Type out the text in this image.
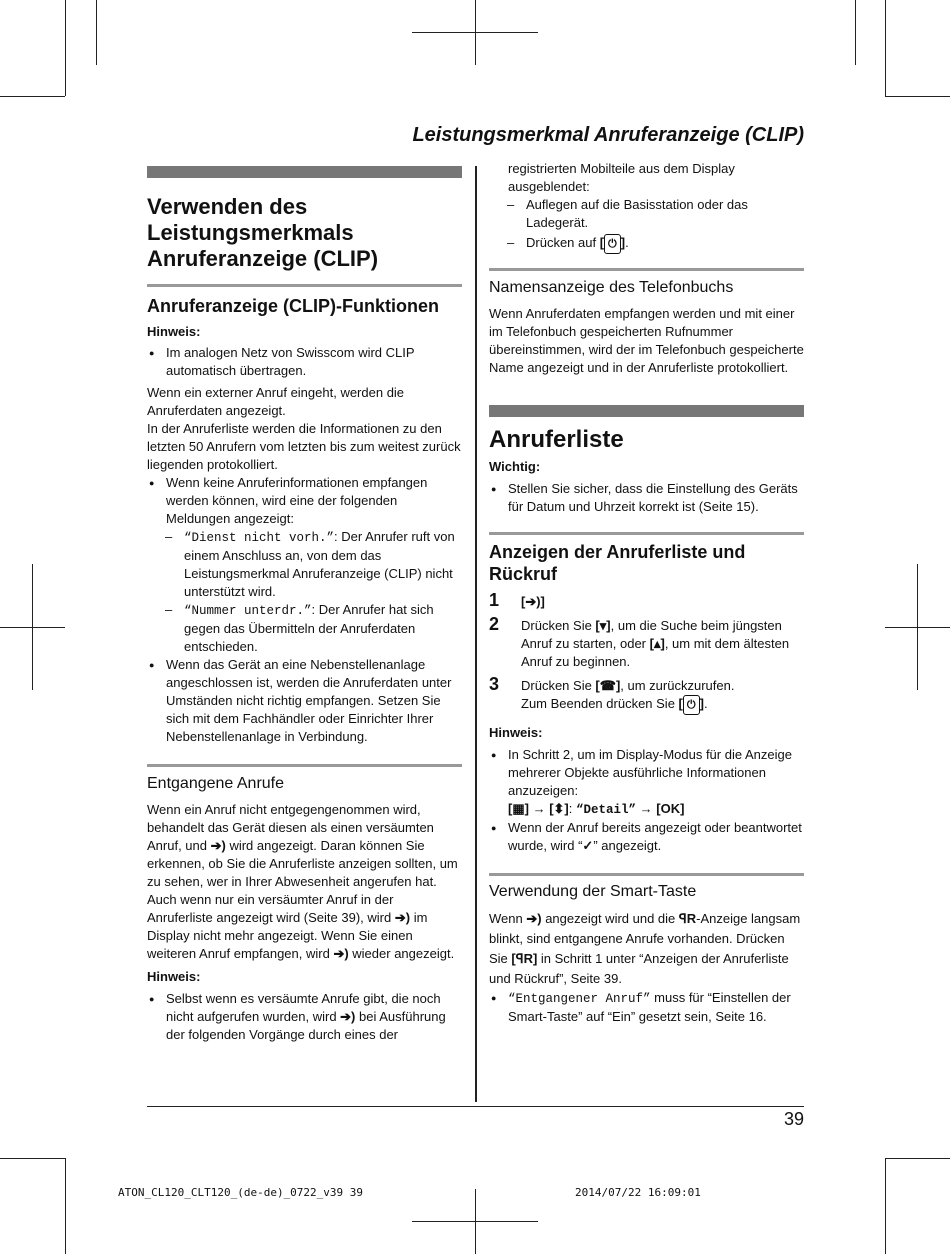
Leistungsmerkmal Anruferanzeige (CLIP)
Verwenden des Leistungsmerkmals Anruferanzeige (CLIP)
Anruferanzeige (CLIP)-Funktionen
Hinweis:
● Im analogen Netz von Swisscom wird CLIP automatisch übertragen.

Wenn ein externer Anruf eingeht, werden die Anruferdaten angezeigt.

In der Anruferliste werden die Informationen zu den letzten 50 Anrufern vom letzten bis zum weitest zurück liegenden protokolliert.

● Wenn keine Anruferinformationen empfangen werden können, wird eine der folgenden Meldungen angezeigt:
– “Dienst nicht vorh.”: Der Anrufer ruft von einem Anschluss an, von dem das Leistungsmerkmal Anruferanzeige (CLIP) nicht unterstützt wird.
– “Nummer unterdr.”: Der Anrufer hat sich gegen das Übermitteln der Anruferdaten entschieden.
● Wenn das Gerät an eine Nebenstellenanlage angeschlossen ist, werden die Anruferdaten unter Umständen nicht richtig empfangen. Setzen Sie sich mit dem Fachhändler oder Einrichter Ihrer Nebenstellenanlage in Verbindung.
Entgangene Anrufe

Wenn ein Anruf nicht entgegengenommen wird, behandelt das Gerät diesen als einen versäumten Anruf, und ➔) wird angezeigt. Daran können Sie erkennen, ob Sie die Anruferliste anzeigen sollten, um zu sehen, wer in Ihrer Abwesenheit angerufen hat.

Auch wenn nur ein versäumter Anruf in der Anruferliste angezeigt wird (Seite 39), wird ➔) im Display nicht mehr angezeigt. Wenn Sie einen weiteren Anruf empfangen, wird ➔) wieder angezeigt.

Hinweis:
● Selbst wenn es versäumte Anrufe gibt, die noch nicht aufgerufen wurden, wird ➔) bei Ausführung der folgenden Vorgänge durch eines der
● registrierten Mobilteile aus dem Display ausgeblendet:
– Auflegen auf die Basisstation oder das Ladegerät.
– Drücken auf [ ⏻ ].
Namensanzeige des Telefonbuchs

Wenn Anruferdaten empfangen werden und mit einer im Telefonbuch gespeicherten Rufnummer übereinstimmen, wird der im Telefonbuch gespeicherte Name angezeigt und in der Anruferliste protokolliert.

Anruferliste
Wichtig:
● Stellen Sie sicher, dass die Einstellung des Geräts für Datum und Uhrzeit korrekt ist (Seite 15).
Anzeigen der Anruferliste und Rückruf
1 [➔)]
2 Drücken Sie [▾], um die Suche beim jüngsten Anruf zu starten, oder [▴], um mit dem ältesten Anruf zu beginnen.
3 Drücken Sie [☎], um zurückzurufen.
Zum Beenden drücken Sie [ ⏻ ].
Hinweis:
● In Schritt 2, um im Display-Modus für die Anzeige mehrerer Objekte ausführliche Informationen anzuzeigen:
[▦] → [⬍]: “Detail” → [OK]
● Wenn der Anruf bereits angezeigt oder beantwortet wurde, wird “✓” angezeigt.
Verwendung der Smart-Taste

Wenn ➔) angezeigt wird und die ꟼR-Anzeige langsam blinkt, sind entgangene Anrufe vorhanden. Drücken Sie [ꟼR] in Schritt 1 unter “Anzeigen der Anruferliste und Rückruf”, Seite 39.

● “Entgangener Anruf” muss für “Einstellen der Smart-Taste” auf “Ein” gesetzt sein, Seite 16.
39
ATON_CL120_CLT120_(de-de)_0722_v39 39	2014/07/22 16:09:01
